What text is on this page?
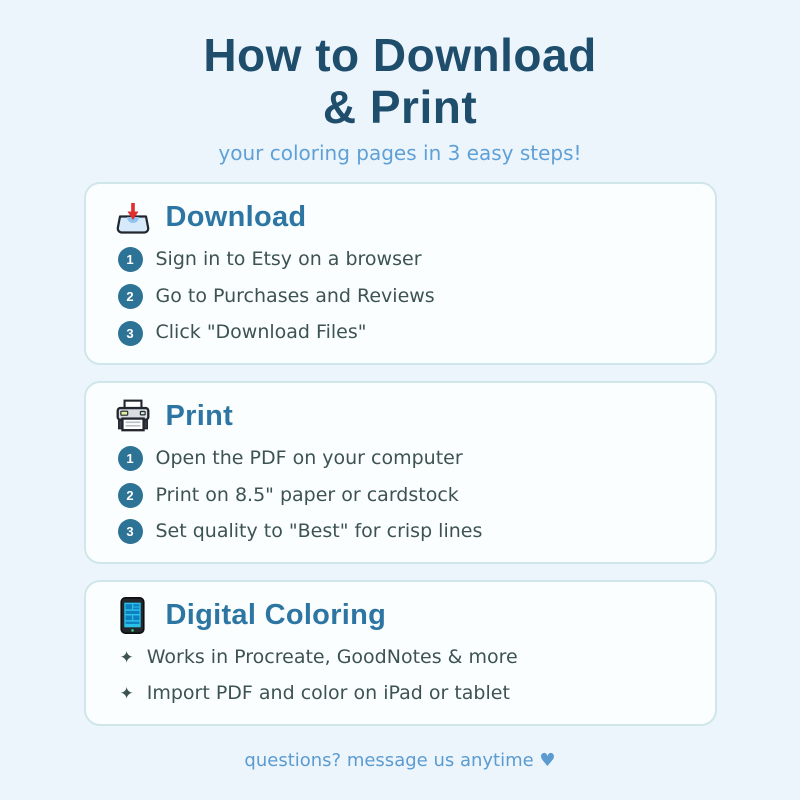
How to Download
& Print
your coloring pages in 3 easy steps!
Download
1	Sign in to Etsy on a browser
2	Go to Purchases and Reviews
3	Click "Download Files"
Print
1	Open the PDF on your computer
2	Print on 8.5" paper or cardstock
3	Set quality to "Best" for crisp lines
Digital Coloring
✦ Works in Procreate, GoodNotes & more
✦ Import PDF and color on iPad or tablet
questions? message us anytime ♥
